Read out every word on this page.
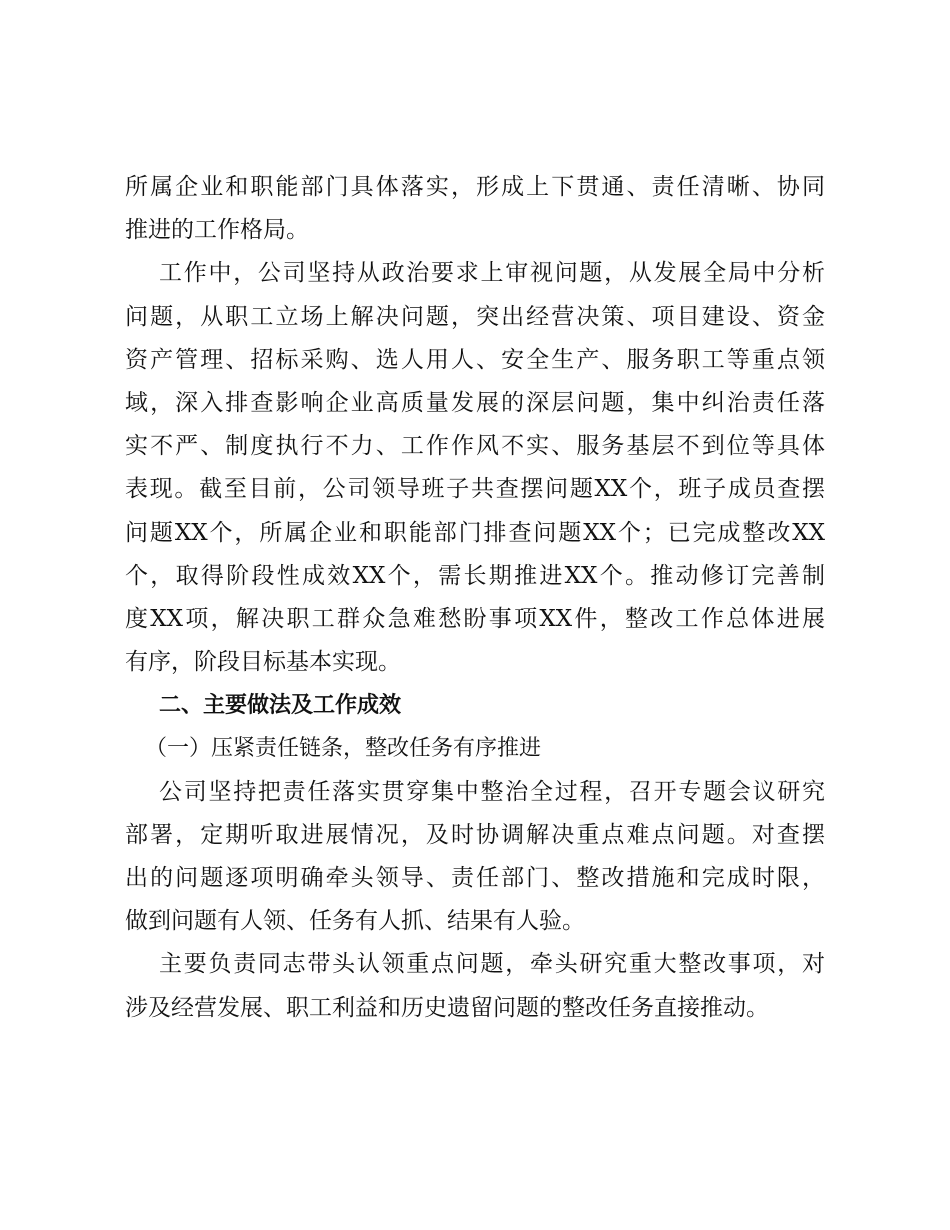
所属企业和职能部门具体落实，形成上下贯通、责任清晰、协同
推进的工作格局。
工作中，公司坚持从政治要求上审视问题，从发展全局中分析
问题，从职工立场上解决问题，突出经营决策、项目建设、资金
资产管理、招标采购、选人用人、安全生产、服务职工等重点领
域，深入排查影响企业高质量发展的深层问题，集中纠治责任落
实不严、制度执行不力、工作作风不实、服务基层不到位等具体
表现。截至目前，公司领导班子共查摆问题XX个，班子成员查摆
问题XX个，所属企业和职能部门排查问题XX个；已完成整改XX
个，取得阶段性成效XX个，需长期推进XX个。推动修订完善制
度XX项，解决职工群众急难愁盼事项XX件，整改工作总体进展
有序，阶段目标基本实现。
二、主要做法及工作成效
（一）压紧责任链条，整改任务有序推进
公司坚持把责任落实贯穿集中整治全过程，召开专题会议研究
部署，定期听取进展情况，及时协调解决重点难点问题。对查摆
出的问题逐项明确牵头领导、责任部门、整改措施和完成时限，
做到问题有人领、任务有人抓、结果有人验。
主要负责同志带头认领重点问题，牵头研究重大整改事项，对
涉及经营发展、职工利益和历史遗留问题的整改任务直接推动。
